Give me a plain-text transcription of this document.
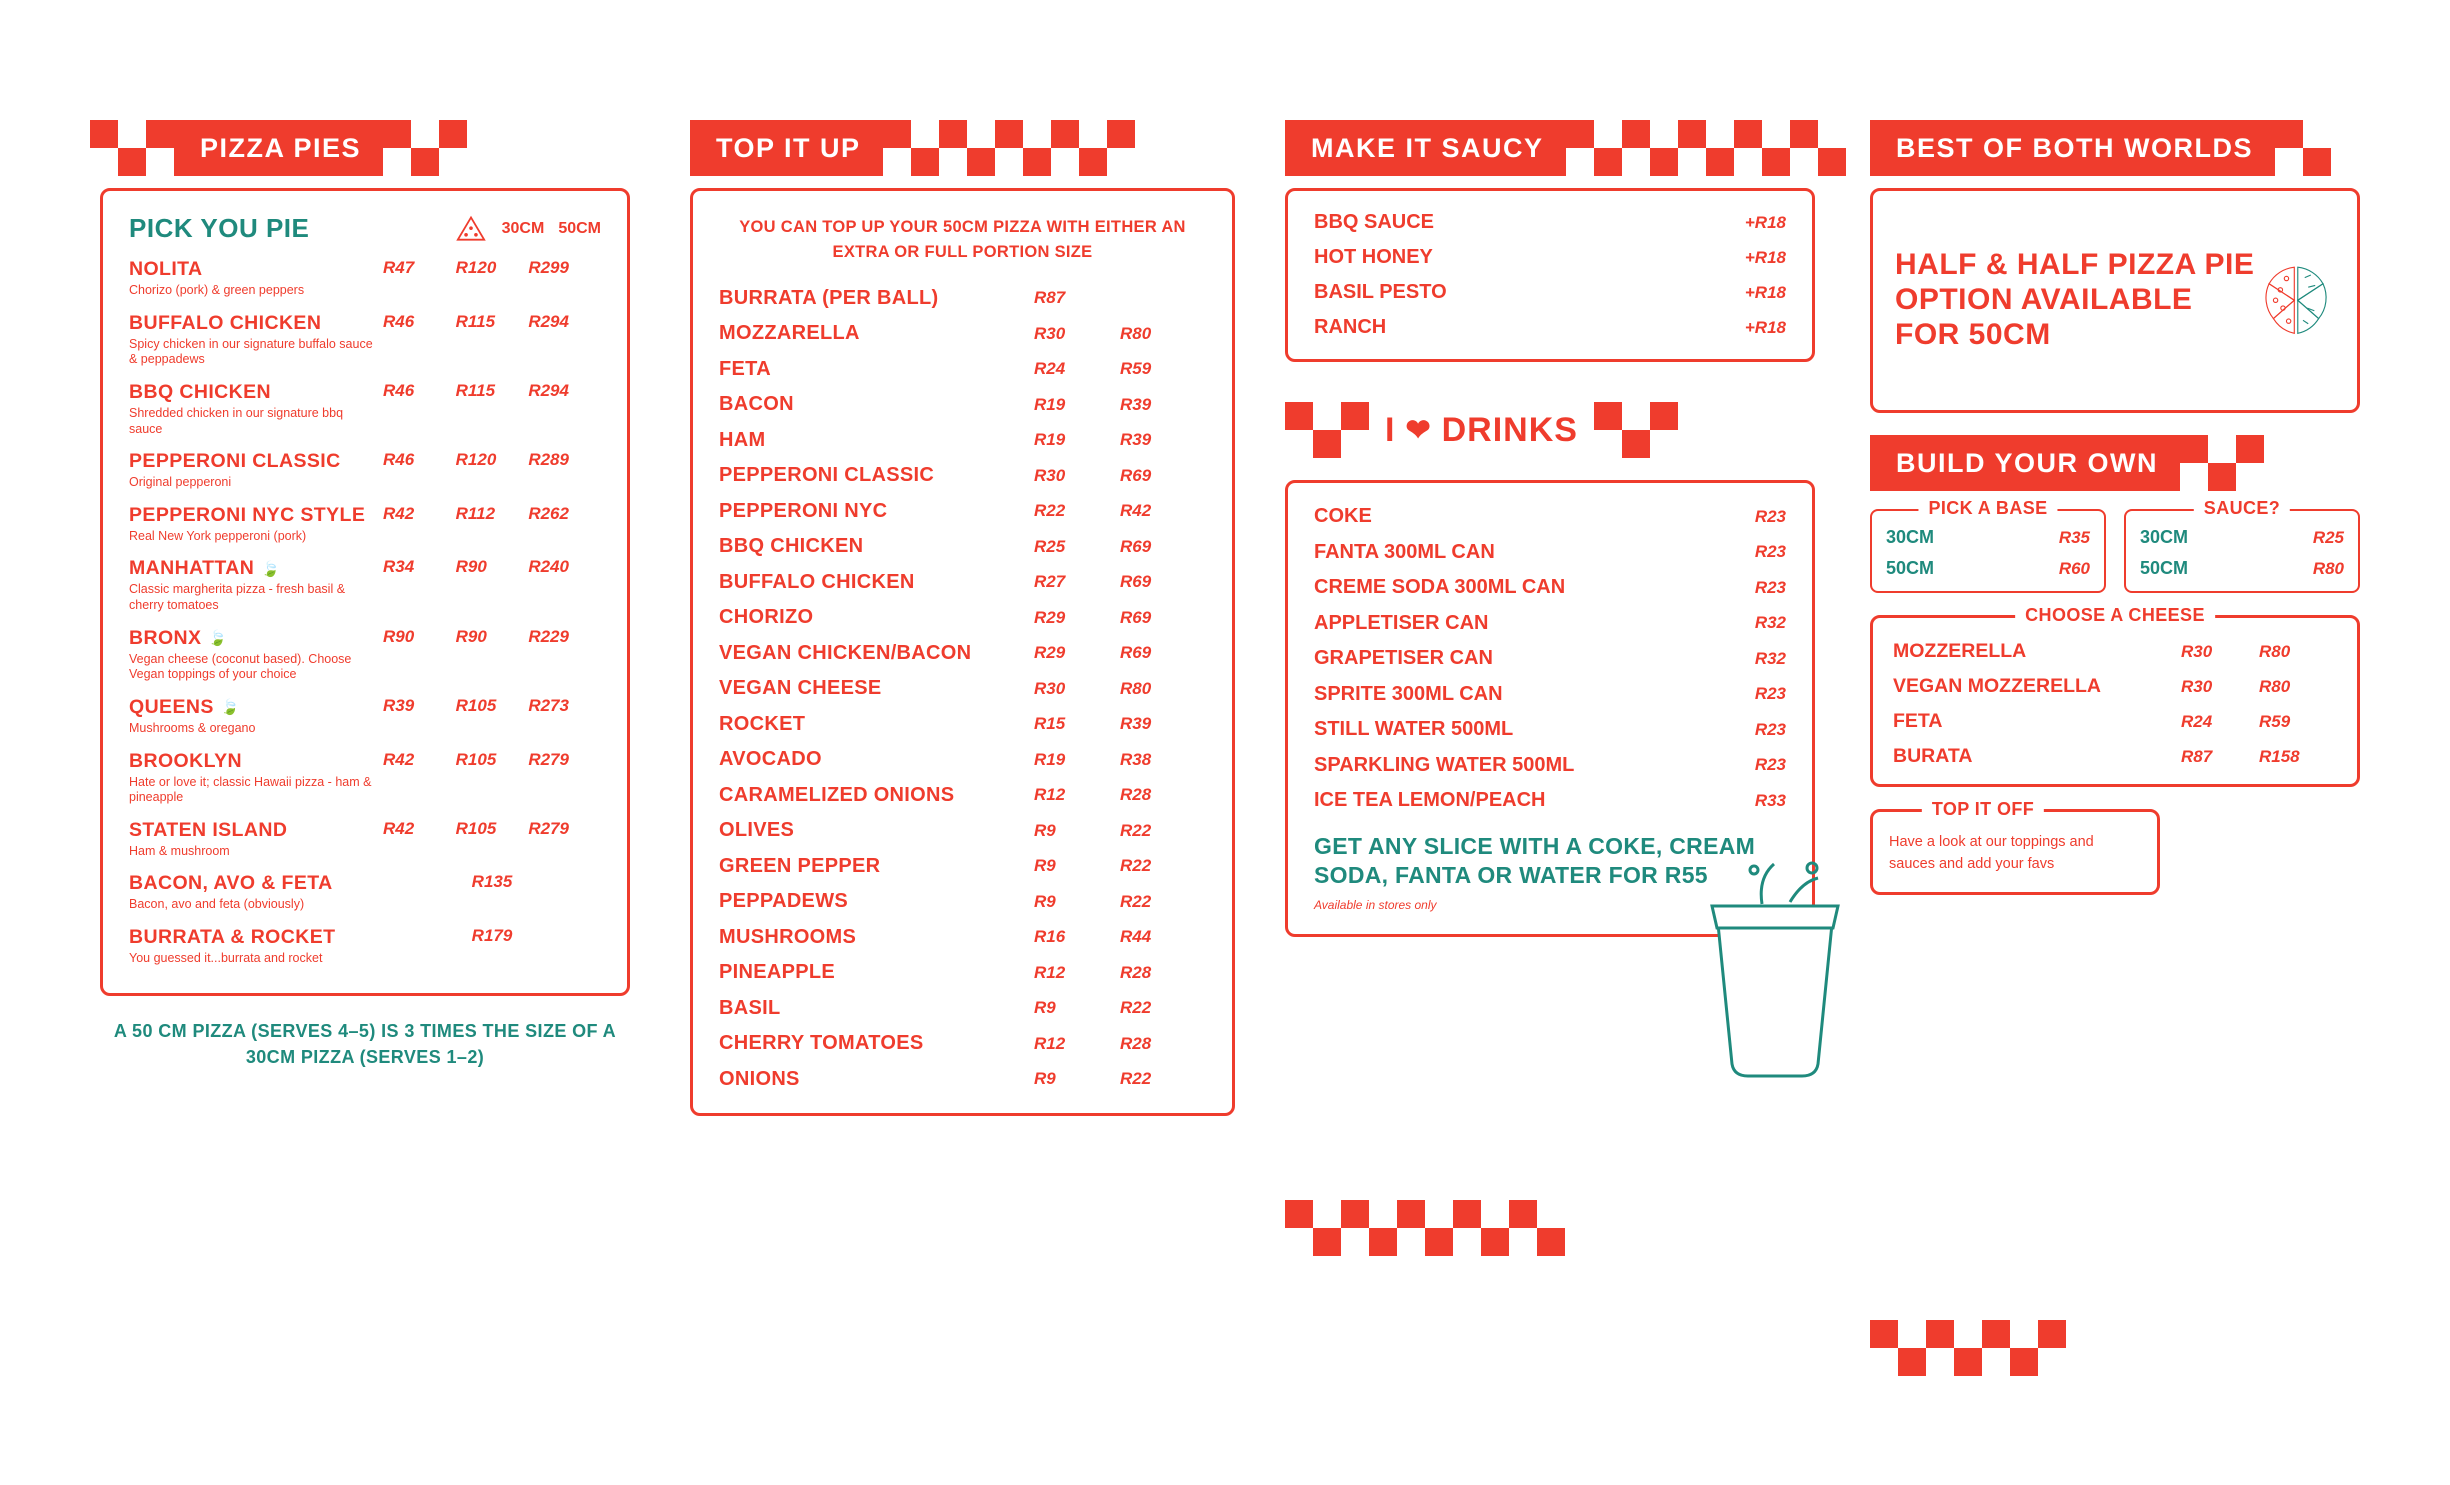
PIZZA PIES
PICK YOU PIE	30CM 50CM
NOLITA
Chorizo (pork) & green peppers
R47	R120	R299
BUFFALO CHICKEN
Spicy chicken in our signature buffalo sauce & peppadews
R46	R115	R294
BBQ CHICKEN
Shredded chicken in our signature bbq sauce
R46	R115	R294
PEPPERONI CLASSIC
Original pepperoni
R46	R120	R289
PEPPERONI NYC STYLE
Real New York pepperoni (pork)
R42	R112	R262
MANHATTAN 🍃
Classic margherita pizza - fresh basil & cherry tomatoes
R34	R90	R240
BRONX 🍃
Vegan cheese (coconut based). Choose Vegan toppings of your choice
R90	R90	R229
QUEENS 🍃
Mushrooms & oregano
R39	R105	R273
BROOKLYN
Hate or love it; classic Hawaii pizza - ham & pineapple
R42	R105	R279
STATEN ISLAND
Ham & mushroom
R42	R105	R279
BACON, AVO & FETA
Bacon, avo and feta (obviously)
R135
BURRATA & ROCKET
You guessed it...burrata and rocket
R179
A 50 CM PIZZA (SERVES 4–5) IS 3 TIMES THE SIZE OF A 30CM PIZZA (SERVES 1–2)
TOP IT UP
YOU CAN TOP UP YOUR 50CM PIZZA WITH EITHER AN EXTRA OR FULL PORTION SIZE
BURRATA (PER BALL)	R87
MOZZARELLA	R30	R80
FETA	R24	R59
BACON	R19	R39
HAM	R19	R39
PEPPERONI CLASSIC	R30	R69
PEPPERONI NYC	R22	R42
BBQ CHICKEN	R25	R69
BUFFALO CHICKEN	R27	R69
CHORIZO	R29	R69
VEGAN CHICKEN/BACON	R29	R69
VEGAN CHEESE	R30	R80
ROCKET	R15	R39
AVOCADO	R19	R38
CARAMELIZED ONIONS	R12	R28
OLIVES	R9	R22
GREEN PEPPER	R9	R22
PEPPADEWS	R9	R22
MUSHROOMS	R16	R44
PINEAPPLE	R12	R28
BASIL	R9	R22
CHERRY TOMATOES	R12	R28
ONIONS	R9	R22
MAKE IT SAUCY
BBQ SAUCE	+R18
HOT HONEY	+R18
BASIL PESTO	+R18
RANCH	+R18
I ❤ DRINKS
COKE	R23
FANTA 300ML CAN	R23
CREME SODA 300ML CAN	R23
APPLETISER CAN	R32
GRAPETISER CAN	R32
SPRITE 300ML CAN	R23
STILL WATER 500ML	R23
SPARKLING WATER 500ML	R23
ICE TEA LEMON/PEACH	R33
GET ANY SLICE WITH A COKE, CREAM SODA, FANTA OR WATER FOR R55
Available in stores only
BEST OF BOTH WORLDS
HALF & HALF PIZZA PIE OPTION AVAILABLE FOR 50CM
BUILD YOUR OWN
PICK A BASE
30CM	R35
50CM	R60
SAUCE?
30CM	R25
50CM	R80
CHOOSE A CHEESE
MOZZERELLA	R30	R80
VEGAN MOZZERELLA	R30	R80
FETA	R24	R59
BURATA	R87	R158
TOP IT OFF
Have a look at our toppings and sauces and add your favs
